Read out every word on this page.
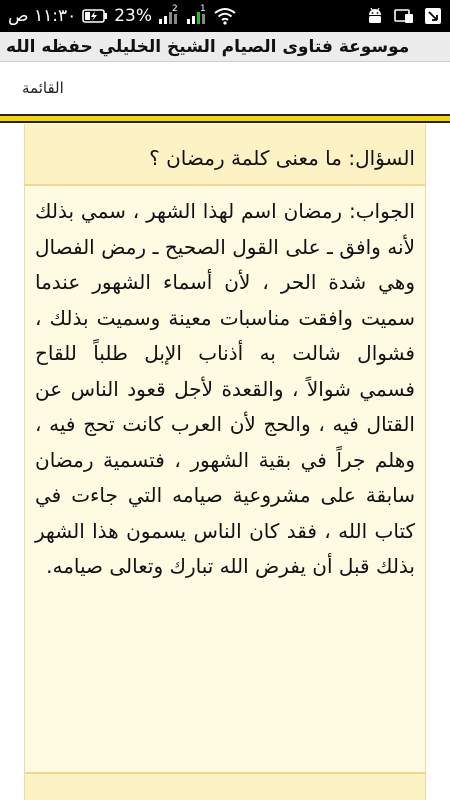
١١:٣٠ ص 23% 2 1
موسوعة فتاوى الصيام الشيخ الخليلي حفظه الله
القائمة
السؤال: ما معنى كلمة رمضان ؟
الجواب: رمضان اسم لهذا الشهر ، سمي بذلك لأنه وافق ـ على القول الصحيح ـ رمض الفصال وهي شدة الحر ، لأن أسماء الشهور عندما سميت وافقت مناسبات معينة وسميت بذلك ، فشوال شالت به أذناب الإبل طلباً للقاح فسمي شوالاً ، والقعدة لأجل قعود الناس عن القتال فيه ، والحج لأن العرب كانت تحج فيه ، وهلم جراً في بقية الشهور ، فتسمية رمضان سابقة على مشروعية صيامه التي جاءت في كتاب الله ، فقد كان الناس يسمون هذا الشهر بذلك قبل أن يفرض الله تبارك وتعالى صيامه.
